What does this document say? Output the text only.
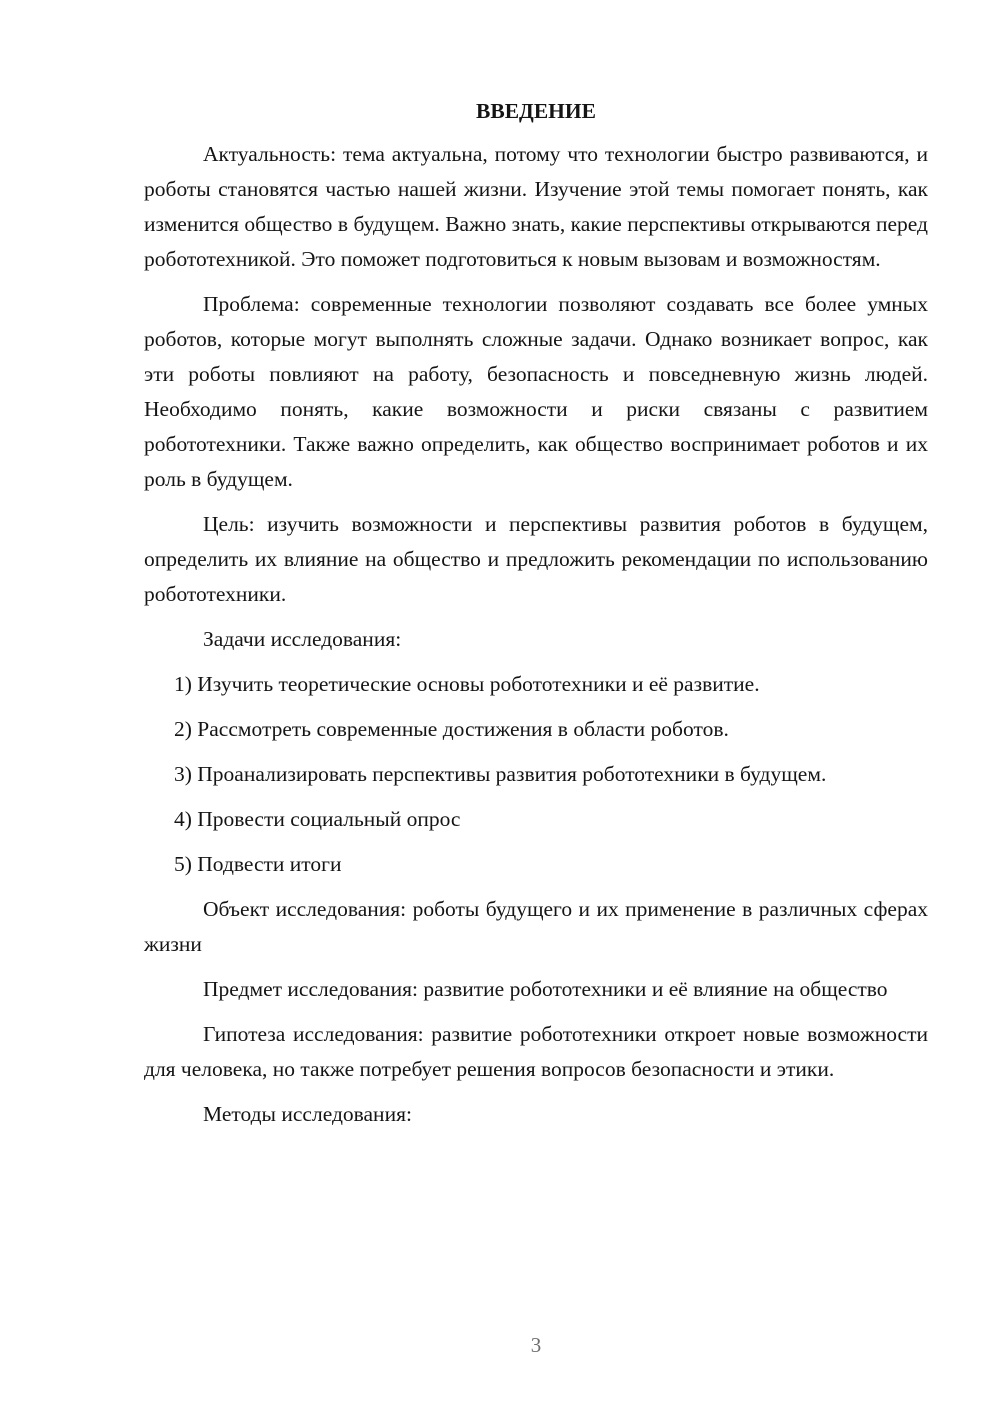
ВВЕДЕНИЕ

Актуальность: тема актуальна, потому что технологии быстро развиваются, и роботы становятся частью нашей жизни. Изучение этой темы помогает понять, как изменится общество в будущем. Важно знать, какие перспективы открываются перед робототехникой. Это поможет подготовиться к новым вызовам и возможностям.

Проблема: современные технологии позволяют создавать все более умных роботов, которые могут выполнять сложные задачи. Однако возникает вопрос, как эти роботы повлияют на работу, безопасность и повседневную жизнь людей. Необходимо понять, какие возможности и риски связаны с развитием робототехники. Также важно определить, как общество воспринимает роботов и их роль в будущем.

Цель: изучить возможности и перспективы развития роботов в будущем, определить их влияние на общество и предложить рекомендации по использованию робототехники.

Задачи исследования:

1) Изучить теоретические основы робототехники и её развитие.

2) Рассмотреть современные достижения в области роботов.

3) Проанализировать перспективы развития робототехники в будущем.

4) Провести социальный опрос

5) Подвести итоги

Объект исследования: роботы будущего и их применение в различных сферах жизни

Предмет исследования: развитие робототехники и её влияние на общество

Гипотеза исследования: развитие робототехники откроет новые возможности для человека, но также потребует решения вопросов безопасности и этики.

Методы исследования:

3
